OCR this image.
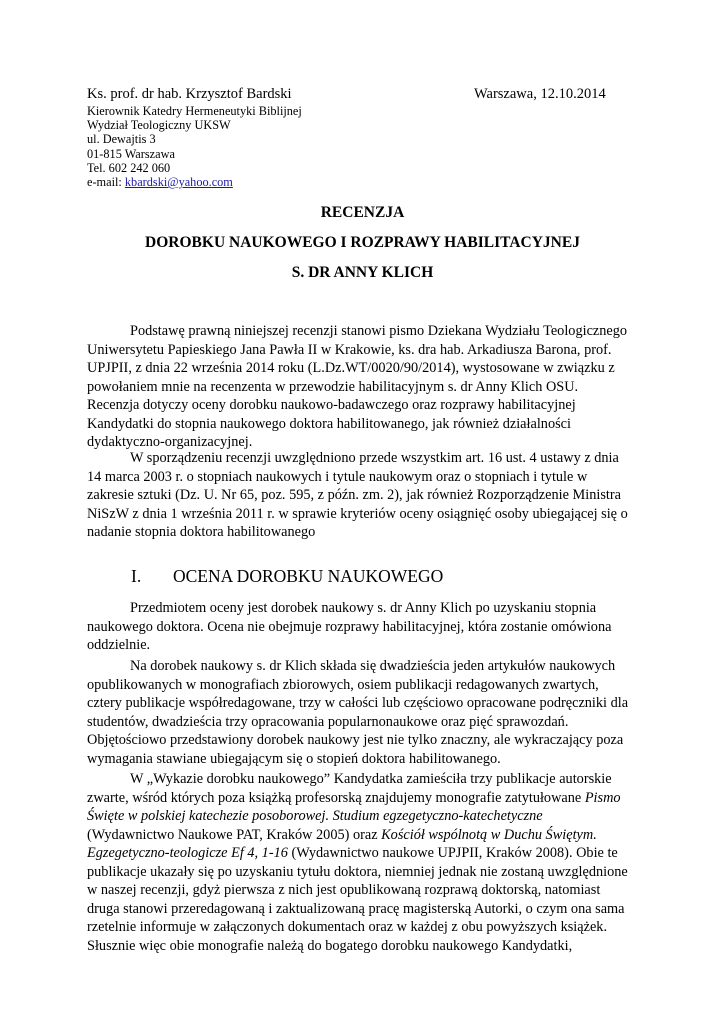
Ks. prof. dr hab. Krzysztof Bardski	Warszawa, 12.10.2014
Kierownik Katedry Hermeneutyki Biblijnej
Wydział Teologiczny UKSW
ul. Dewajtis 3
01-815 Warszawa
Tel. 602 242 060
e-mail: kbardski@yahoo.com
RECENZJA
DOROBKU NAUKOWEGO I ROZPRAWY HABILITACYJNEJ
S. DR ANNY KLICH

Podstawę prawną niniejszej recenzji stanowi pismo Dziekana Wydziału Teologicznego Uniwersytetu Papieskiego Jana Pawła II w Krakowie, ks. dra hab. Arkadiusza Barona, prof. UPJPII, z dnia 22 września 2014 roku (L.Dz.WT/0020/90/2014), wystosowane w związku z powołaniem mnie na recenzenta w przewodzie habilitacyjnym s. dr Anny Klich OSU. Recenzja dotyczy oceny dorobku naukowo-badawczego oraz rozprawy habilitacyjnej Kandydatki do stopnia naukowego doktora habilitowanego, jak również działalności dydaktyczno-organizacyjnej.

W sporządzeniu recenzji uwzględniono przede wszystkim art. 16 ust. 4 ustawy z dnia 14 marca 2003 r. o stopniach naukowych i tytule naukowym oraz o stopniach i tytule w zakresie sztuki (Dz. U. Nr 65, poz. 595, z późn. zm. 2), jak również Rozporządzenie Ministra NiSzW z dnia 1 września 2011 r. w sprawie kryteriów oceny osiągnięć osoby ubiegającej się o nadanie stopnia doktora habilitowanego

I. OCENA DOROBKU NAUKOWEGO

Przedmiotem oceny jest dorobek naukowy s. dr Anny Klich po uzyskaniu stopnia naukowego doktora. Ocena nie obejmuje rozprawy habilitacyjnej, która zostanie omówiona oddzielnie.

Na dorobek naukowy s. dr Klich składa się dwadzieścia jeden artykułów naukowych opublikowanych w monografiach zbiorowych, osiem publikacji redagowanych zwartych, cztery publikacje współredagowane, trzy w całości lub częściowo opracowane podręczniki dla studentów, dwadzieścia trzy opracowania popularnonaukowe oraz pięć sprawozdań. Objętościowo przedstawiony dorobek naukowy jest nie tylko znaczny, ale wykraczający poza wymagania stawiane ubiegającym się o stopień doktora habilitowanego.

W „Wykazie dorobku naukowego” Kandydatka zamieściła trzy publikacje autorskie zwarte, wśród których poza książką profesorską znajdujemy monografie zatytułowane Pismo Święte w polskiej katechezie posoborowej. Studium egzegetyczno-katechetyczne (Wydawnictwo Naukowe PAT, Kraków 2005) oraz Kościół wspólnotą w Duchu Świętym. Egzegetyczno-teologicze Ef 4, 1-16 (Wydawnictwo naukowe UPJPII, Kraków 2008). Obie te publikacje ukazały się po uzyskaniu tytułu doktora, niemniej jednak nie zostaną uwzględnione w naszej recenzji, gdyż pierwsza z nich jest opublikowaną rozprawą doktorską, natomiast druga stanowi przeredagowaną i zaktualizowaną pracę magisterską Autorki, o czym ona sama rzetelnie informuje w załączonych dokumentach oraz w każdej z obu powyższych książek. Słusznie więc obie monografie należą do bogatego dorobku naukowego Kandydatki,
